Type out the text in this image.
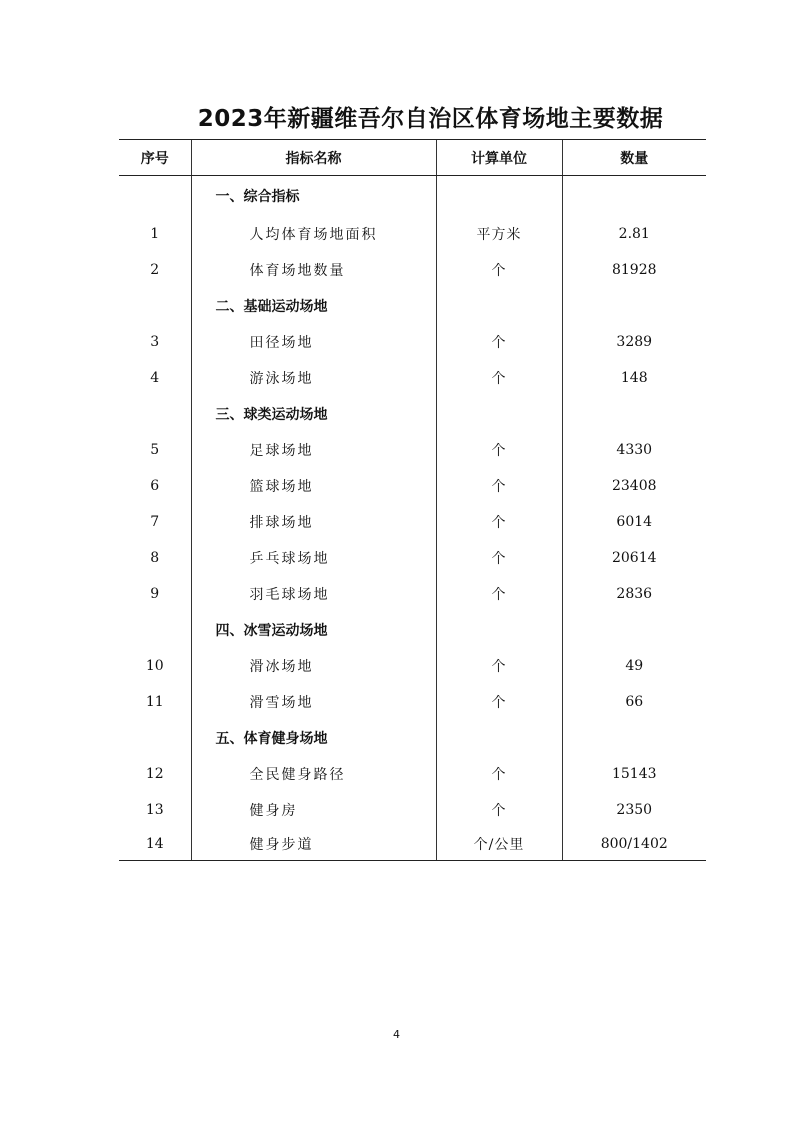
2023年新疆维吾尔自治区体育场地主要数据
序号	指标名称	计算单位	数量
	一、综合指标		
1	人均体育场地面积	平方米	2.81
2	体育场地数量	个	81928
	二、基础运动场地		
3	田径场地	个	3289
4	游泳场地	个	148
	三、球类运动场地		
5	足球场地	个	4330
6	篮球场地	个	23408
7	排球场地	个	6014
8	乒乓球场地	个	20614
9	羽毛球场地	个	2836
	四、冰雪运动场地		
10	滑冰场地	个	49
11	滑雪场地	个	66
	五、体育健身场地		
12	全民健身路径	个	15143
13	健身房	个	2350
14	健身步道	个/公里	800/1402
4
